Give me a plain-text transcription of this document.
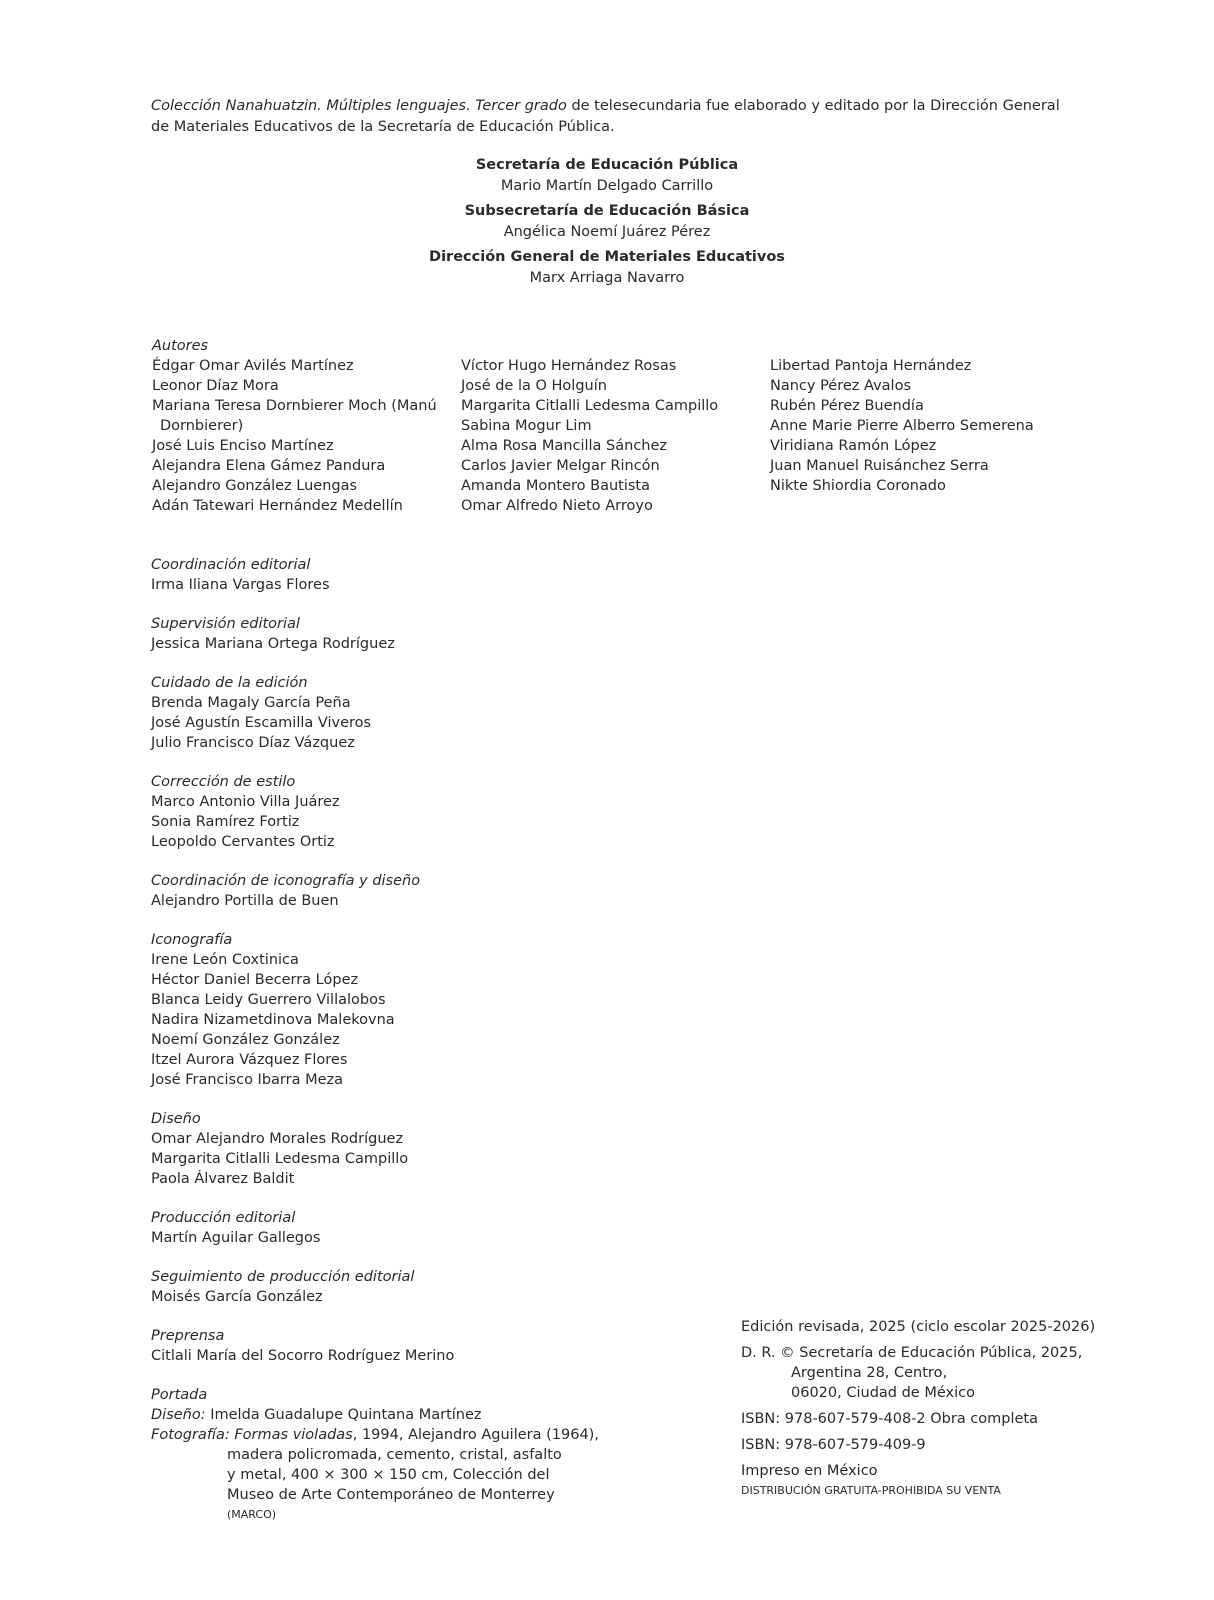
Colección Nanahuatzin. Múltiples lenguajes. Tercer grado de telesecundaria fue elaborado y editado por la Dirección General de Materiales Educativos de la Secretaría de Educación Pública.
Secretaría de Educación Pública
Mario Martín Delgado Carrillo
Subsecretaría de Educación Básica
Angélica Noemí Juárez Pérez
Dirección General de Materiales Educativos
Marx Arriaga Navarro
Autores
Édgar Omar Avilés Martínez
Leonor Díaz Mora
Mariana Teresa Dornbierer Moch (Manú
Dornbierer)
José Luis Enciso Martínez
Alejandra Elena Gámez Pandura
Alejandro González Luengas
Adán Tatewari Hernández Medellín
Víctor Hugo Hernández Rosas
José de la O Holguín
Margarita Citlalli Ledesma Campillo
Sabina Mogur Lim
Alma Rosa Mancilla Sánchez
Carlos Javier Melgar Rincón
Amanda Montero Bautista
Omar Alfredo Nieto Arroyo
Libertad Pantoja Hernández
Nancy Pérez Avalos
Rubén Pérez Buendía
Anne Marie Pierre Alberro Semerena
Viridiana Ramón López
Juan Manuel Ruisánchez Serra
Nikte Shiordia Coronado
Coordinación editorial
Irma Iliana Vargas Flores
Supervisión editorial
Jessica Mariana Ortega Rodríguez
Cuidado de la edición
Brenda Magaly García Peña
José Agustín Escamilla Viveros
Julio Francisco Díaz Vázquez
Corrección de estilo
Marco Antonio Villa Juárez
Sonia Ramírez Fortiz
Leopoldo Cervantes Ortiz
Coordinación de iconografía y diseño
Alejandro Portilla de Buen
Iconografía
Irene León Coxtinica
Héctor Daniel Becerra López
Blanca Leidy Guerrero Villalobos
Nadira Nizametdinova Malekovna
Noemí González González
Itzel Aurora Vázquez Flores
José Francisco Ibarra Meza
Diseño
Omar Alejandro Morales Rodríguez
Margarita Citlalli Ledesma Campillo
Paola Álvarez Baldit
Producción editorial
Martín Aguilar Gallegos
Seguimiento de producción editorial
Moisés García González
Preprensa
Citlali María del Socorro Rodríguez Merino
Portada
Diseño: Imelda Guadalupe Quintana Martínez
Fotografía: Formas violadas, 1994, Alejandro Aguilera (1964),
madera policromada, cemento, cristal, asfalto
y metal, 400 × 300 × 150 cm, Colección del
Museo de Arte Contemporáneo de Monterrey
(MARCO)
Edición revisada, 2025 (ciclo escolar 2025-2026)
D. R. © Secretaría de Educación Pública, 2025,
Argentina 28, Centro,
06020, Ciudad de México
ISBN: 978-607-579-408-2 Obra completa
ISBN: 978-607-579-409-9
Impreso en México
DISTRIBUCIÓN GRATUITA-PROHIBIDA SU VENTA
